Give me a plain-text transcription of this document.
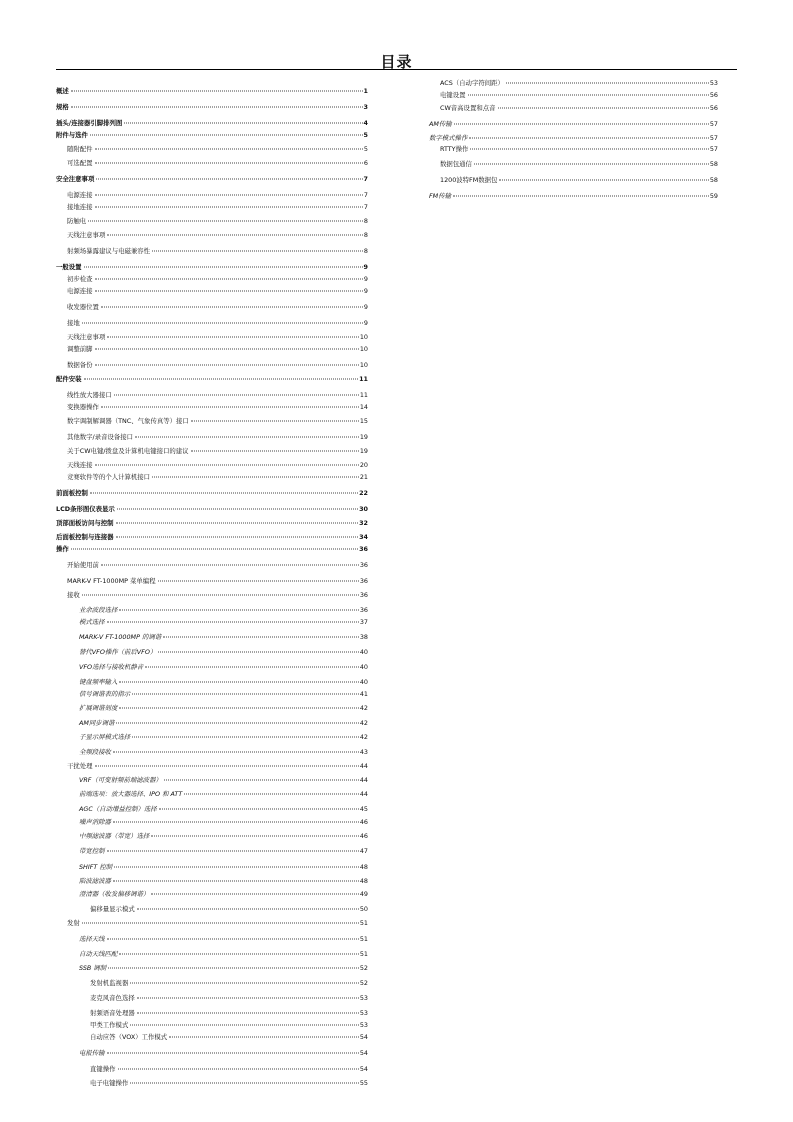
目录
概述	1
规格	3
插头/连接器引脚排列图	4
附件与选件	5
随附配件	5
可选配置	6
安全注意事项	7
电源连接	7
接地连接	7
防触电	8
天线注意事项	8
射频场暴露建议与电磁兼容性	8
一般设置	9
初步检查	9
电源连接	9
收发器位置	9
接地	9
天线注意事项	10
调整前脚	10
数据备份	10
配件安装	11
线性放大器接口	11
变换器操作	14
数字调制解调器（TNC、气象传真等）接口	15
其他数字/录音设备接口	19
关于CW电键/拨盘及计算机电键接口的建议	19
天线连接	20
竞赛软件等的个人计算机接口	21
前面板控制	22
LCD条形图仪表显示	30
顶部面板访问与控制	32
后面板控制与连接器	34
操作	36
开始使用前	36
MARK-V FT-1000MP 菜单编程	36
接收	36
业余波段选择	36
模式选择	37
MARK-V FT-1000MP 的调谐	38
替代VFO操作（前后VFO）	40
VFO选择与接收机静音	40
键盘频率输入	40
信号调谐表的指示	41
扩展调谐刻度	42
AM同步调谐	42
子显示屏模式选择	42
全频段接收	43
干扰处理	44
VRF（可变射频前端滤波器）	44
前端选项：放大器选择、IPO 和 ATT	44
AGC（自动增益控制）选择	45
噪声消除器	46
中频滤波器（带宽）选择	46
带宽控制	47
SHIFT 控制	48
陷波滤波器	48
澄清器（收发偏移调谐）	49
偏移量显示模式	50
发射	51
选择天线	51
自动天线匹配	51
SSB 调制	52
发射机监视器	52
麦克风音色选择	53
射频语音处理器	53
甲类工作模式	53
自动应答（VOX）工作模式	54
电报传输	54
直键操作	54
电子电键操作	55
ACS（自动字符间距）	53
电键设置	56
CW音高设置和点音	56
AM传输	57
数字模式操作	57
RTTY操作	57
数据包通信	58
1200波特FM数据包	58
FM传输	59
